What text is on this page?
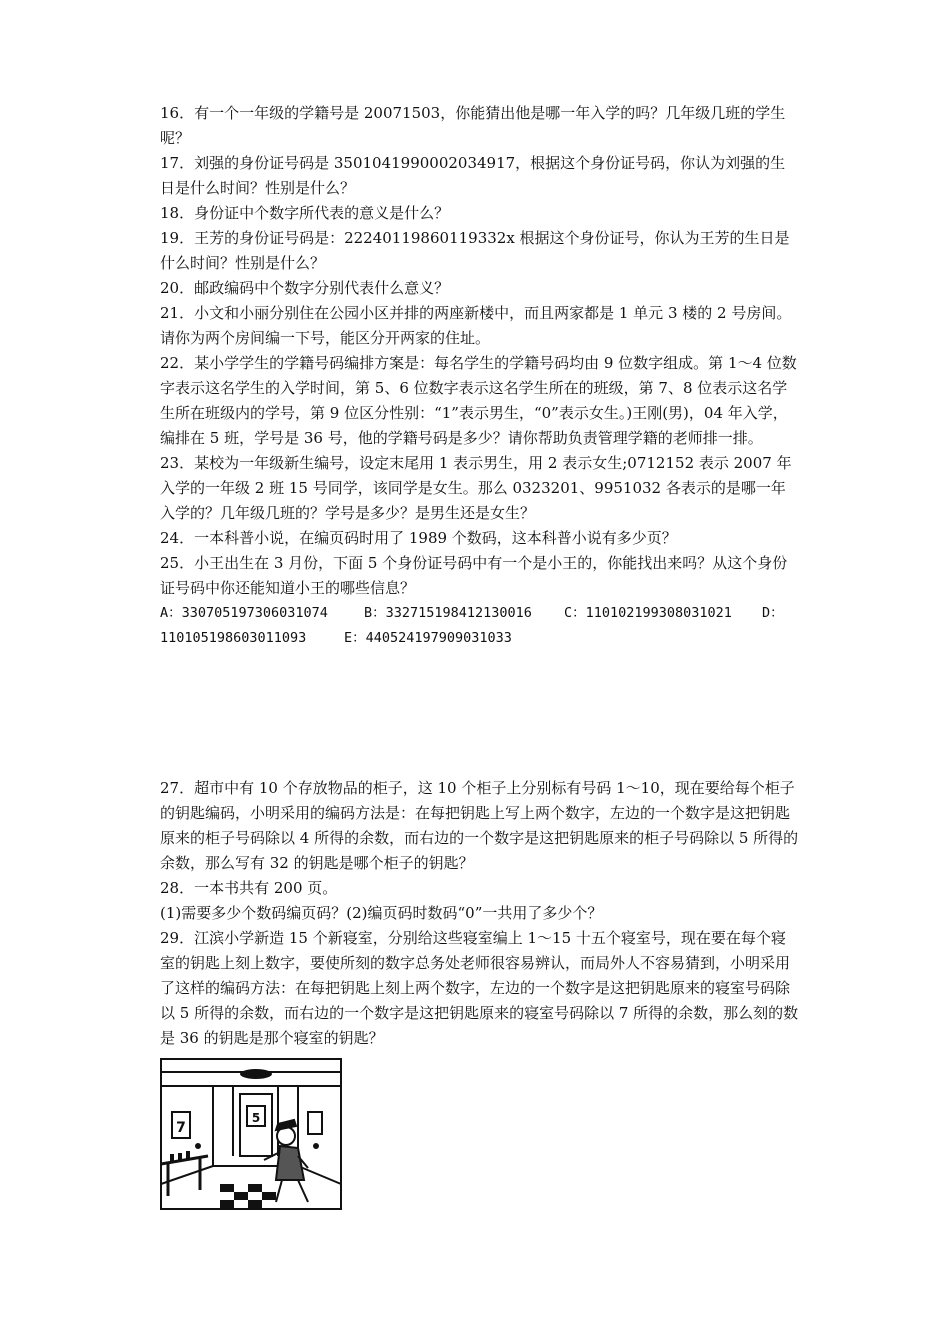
16．有一个一年级的学籍号是 20071503，你能猜出他是哪一年入学的吗？几年级几班的学生呢？

17．刘强的身份证号码是 3501041990002034917，根据这个身份证号码，你认为刘强的生日是什么时间？性别是什么？

18．身份证中个数字所代表的意义是什么？

19．王芳的身份证号码是：22240119860119332x 根据这个身份证号，你认为王芳的生日是什么时间？性别是什么？

20．邮政编码中个数字分别代表什么意义？

21．小文和小丽分别住在公园小区并排的两座新楼中，而且两家都是 1 单元 3 楼的 2 号房间。请你为两个房间编一下号，能区分开两家的住址。

22．某小学学生的学籍号码编排方案是：每名学生的学籍号码均由 9 位数字组成。第 1～4 位数字表示这名学生的入学时间，第 5、6 位数字表示这名学生所在的班级，第 7、8 位表示这名学生所在班级内的学号，第 9 位区分性别：“1”表示男生，“0”表示女生。)王刚(男)，04 年入学，编排在 5 班，学号是 36 号，他的学籍号码是多少？请你帮助负责管理学籍的老师排一排。

23．某校为一年级新生编号，设定末尾用 1 表示男生，用 2 表示女生;0712152 表示 2007 年入学的一年级 2 班 15 号同学，该同学是女生。那么 0323201、9951032 各表示的是哪一年入学的？几年级几班的？学号是多少？是男生还是女生？

24．一本科普小说，在编页码时用了 1989 个数码，这本科普小说有多少页？

25．小王出生在 3 月份，下面 5 个身份证号码中有一个是小王的，你能找出来吗？从这个身份证号码中你还能知道小王的哪些信息？

A：330705197306031074	B：332715198412130016 C：110102199308031021 D：

110105198603011093	E：440524197909031033

27．超市中有 10 个存放物品的柜子，这 10 个柜子上分别标有号码 1～10，现在要给每个柜子的钥匙编码，小明采用的编码方法是：在每把钥匙上写上两个数字，左边的一个数字是这把钥匙原来的柜子号码除以 4 所得的余数，而右边的一个数字是这把钥匙原来的柜子号码除以 5 所得的余数，那么写有 32 的钥匙是哪个柜子的钥匙？

28．一本书共有 200 页。

(1)需要多少个数码编页码？(2)编页码时数码“0”一共用了多少个？

29．江滨小学新造 15 个新寝室，分别给这些寝室编上 1～15 十五个寝室号，现在要在每个寝室的钥匙上刻上数字，要使所刻的数字总务处老师很容易辨认，而局外人不容易猜到，小明采用了这样的编码方法：在每把钥匙上刻上两个数字，左边的一个数字是这把钥匙原来的寝室号码除以 5 所得的余数，而右边的一个数字是这把钥匙原来的寝室号码除以 7 所得的余数，那么刻的数是 36 的钥匙是那个寝室的钥匙？

7
5
